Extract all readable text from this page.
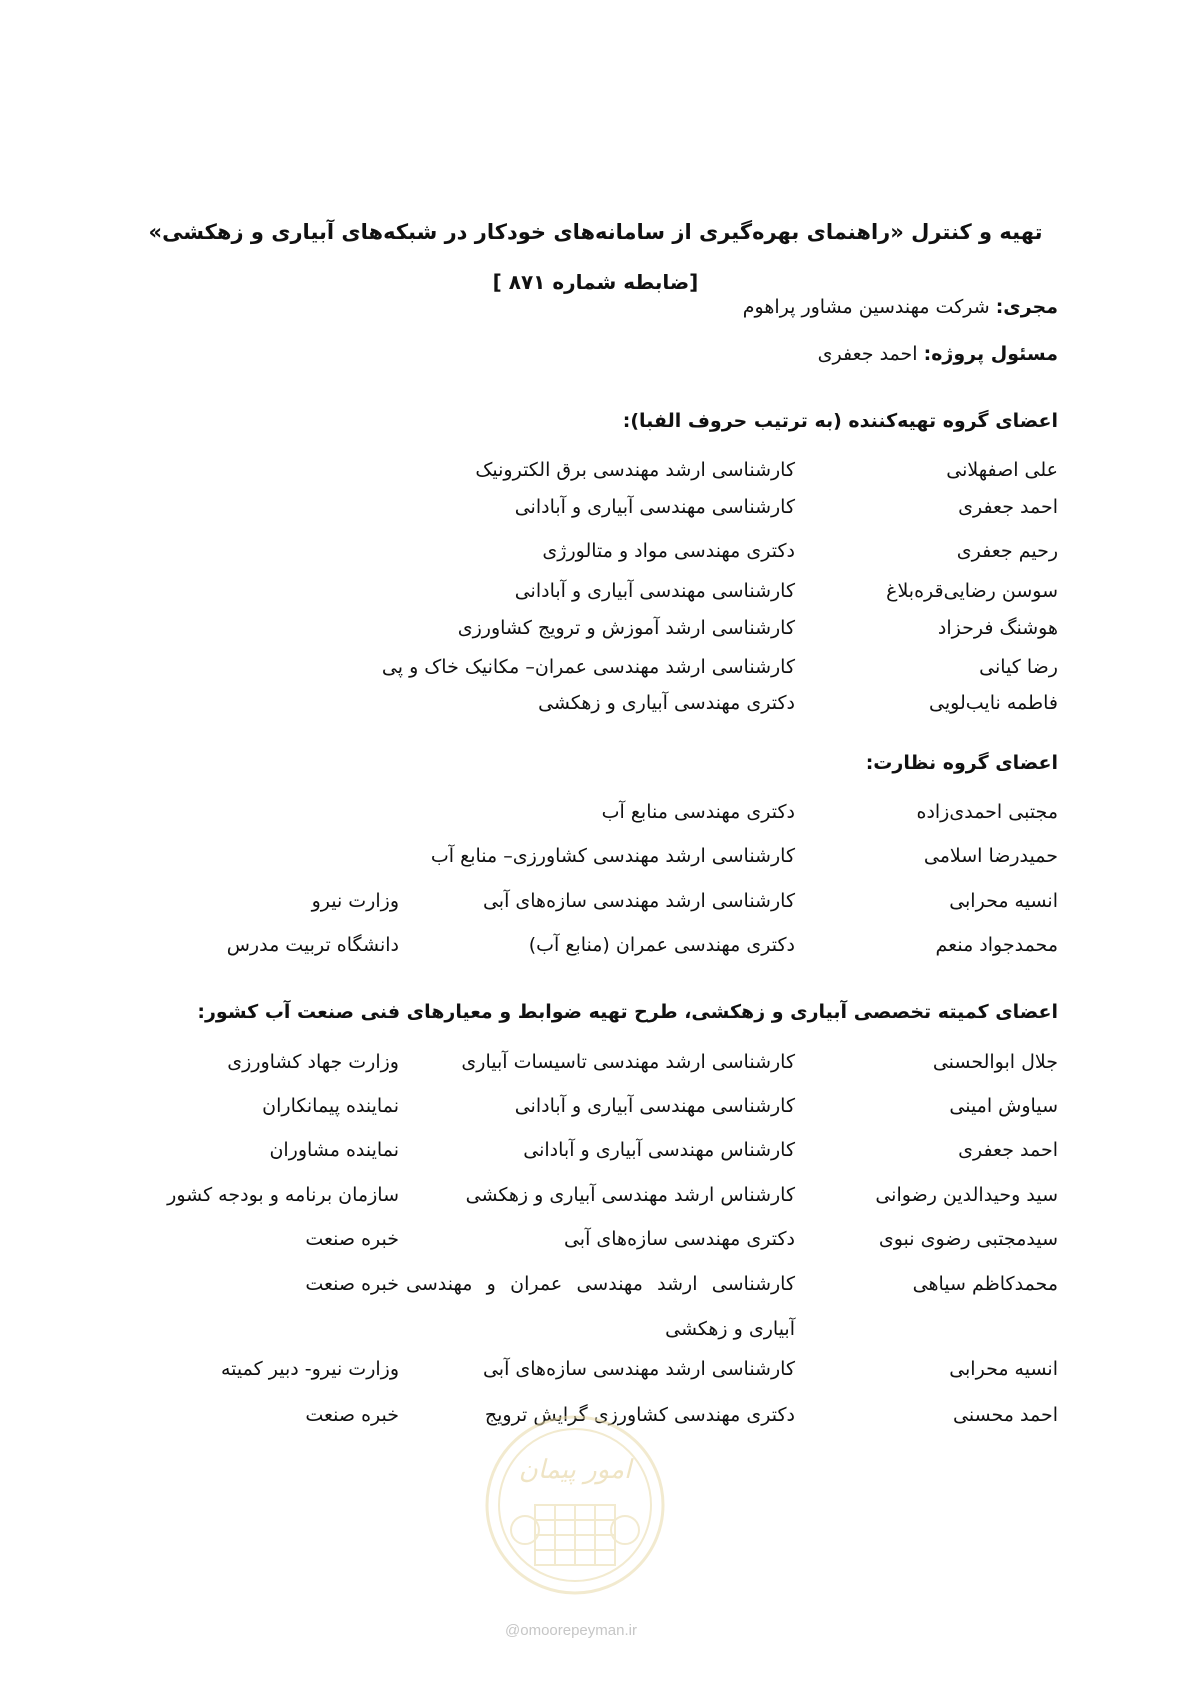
تهیه و کنترل «راهنمای بهره‌گیری از سامانه‌های خودکار در شبکه‌های آبیاری و زهکشی»

[ضابطه شماره ۸۷۱ ]

مجری: شرکت مهندسین مشاور پراهوم

مسئول پروژه: احمد جعفری

اعضای گروه تهیه‌کننده (به ترتیب حروف الفبا):

علی اصفهلانی
کارشناسی ارشد مهندسی برق الکترونیک
احمد جعفری
کارشناسی مهندسی آبیاری و آبادانی
رحیم جعفری
دکتری مهندسی مواد و متالورژی
سوسن رضایی‌قره‌بلاغ
کارشناسی مهندسی آبیاری و آبادانی
هوشنگ فرحزاد
کارشناسی ارشد آموزش و ترویج کشاورزی
رضا کیانی
کارشناسی ارشد مهندسی عمران– مکانیک خاک و پی
فاطمه نایب‌لویی
دکتری مهندسی آبیاری و زهکشی

اعضای گروه نظارت:

مجتبی احمدی‌زاده
دکتری مهندسی منابع آب
حمیدرضا اسلامی
کارشناسی ارشد مهندسی کشاورزی– منابع آب
انسیه محرابی
کارشناسی ارشد مهندسی سازه‌های آبی
وزارت نیرو
محمدجواد منعم
دکتری مهندسی عمران (منابع آب)
دانشگاه تربیت مدرس

اعضای کمیته تخصصی آبیاری و زهکشی، طرح تهیه ضوابط و معیارهای فنی صنعت آب کشور:

جلال ابوالحسنی
کارشناسی ارشد مهندسی تاسیسات آبیاری
وزارت جهاد کشاورزی
سیاوش امینی
کارشناسی مهندسی آبیاری و آبادانی
نماینده پیمانکاران
احمد جعفری
کارشناس مهندسی آبیاری و آبادانی
نماینده مشاوران
سید وحیدالدین رضوانی
کارشناس ارشد مهندسی آبیاری و زهکشی
سازمان برنامه و بودجه کشور
سیدمجتبی رضوی نبوی
دکتری مهندسی سازه‌های آبی
خبره صنعت
محمدکاظم سیاهی
کارشناسی ارشد مهندسی عمران و مهندسی
خبره صنعت
آبیاری و زهکشی
انسیه محرابی
کارشناسی ارشد مهندسی سازه‌های آبی
وزارت نیرو- دبیر کمیته
احمد محسنی
دکتری مهندسی کشاورزی گرایش ترویج
خبره صنعت
امور پیمان
@omoorepeyman.ir
